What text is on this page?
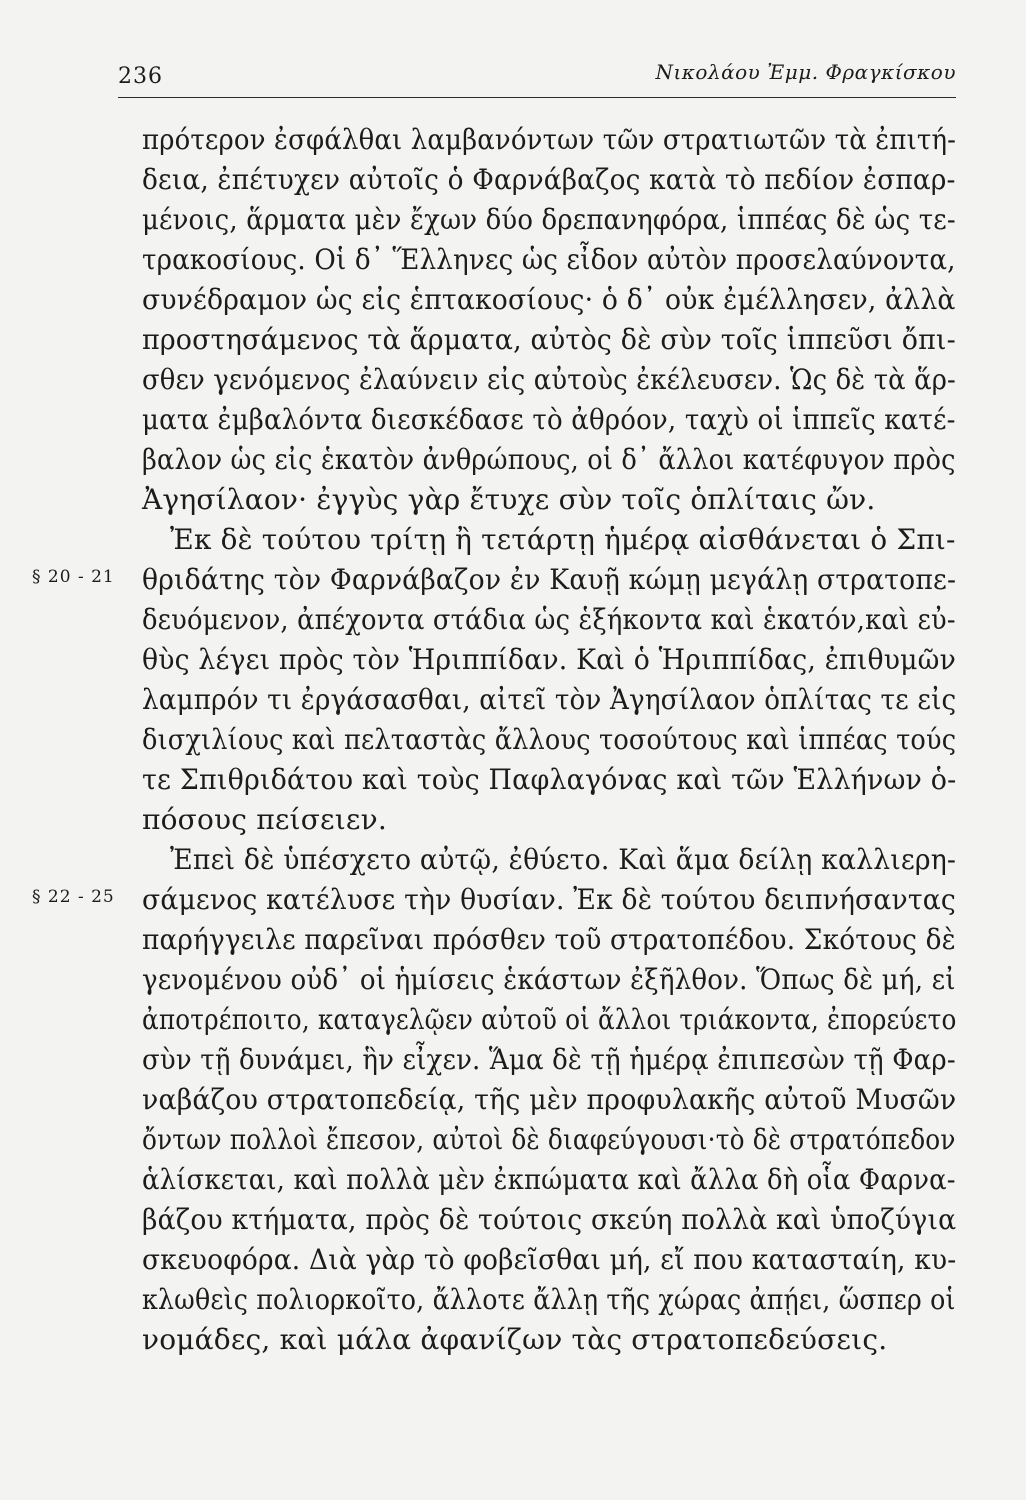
236	Νικολάου Ἐμμ. Φραγκίσκου
§ 20 - 21
§ 22 - 25
πρότερον ἐσφάλθαι λαμβανόντων τῶν στρατιωτῶν τὰ ἐπιτή-
δεια, ἐπέτυχεν αὐτοῖς ὁ Φαρνάβαζος κατὰ τὸ πεδίον ἐσπαρ-
μένοις, ἅρματα μὲν ἔχων δύο δρεπανηφόρα, ἱππέας δὲ ὡς τε-
τρακοσίους. Οἱ δ᾽ Ἕλληνες ὡς εἶδον αὐτὸν προσελαύνοντα,
συνέδραμον ὡς εἰς ἑπτακοσίους· ὁ δ᾽ οὐκ ἐμέλλησεν, ἀλλὰ
προστησάμενος τὰ ἅρματα, αὐτὸς δὲ σὺν τοῖς ἱππεῦσι ὄπι-
σθεν γενόμενος ἐλαύνειν εἰς αὐτοὺς ἐκέλευσεν. Ὡς δὲ τὰ ἅρ-
ματα ἐμβαλόντα διεσκέδασε τὸ ἀθρόον, ταχὺ οἱ ἱππεῖς κατέ-
βαλον ὡς εἰς ἑκατὸν ἀνθρώπους, οἱ δ᾽ ἄλλοι κατέφυγον πρὸς
Ἀγησίλαον· ἐγγὺς γὰρ ἔτυχε σὺν τοῖς ὁπλίταις ὤν.
Ἐκ δὲ τούτου τρίτῃ ἢ τετάρτῃ ἡμέρᾳ αἰσθάνεται ὁ Σπι-
θριδάτης τὸν Φαρνάβαζον ἐν Καυῇ κώμῃ μεγάλῃ στρατοπε-
δευόμενον, ἀπέχοντα στάδια ὡς ἑξήκοντα καὶ ἑκατόν,καὶ εὐ-
θὺς λέγει πρὸς τὸν Ἡριππίδαν. Καὶ ὁ Ἡριππίδας, ἐπιθυμῶν
λαμπρόν τι ἐργάσασθαι, αἰτεῖ τὸν Ἀγησίλαον ὁπλίτας τε εἰς
δισχιλίους καὶ πελταστὰς ἄλλους τοσούτους καὶ ἱππέας τούς
τε Σπιθριδάτου καὶ τοὺς Παφλαγόνας καὶ τῶν Ἑλλήνων ὁ-
πόσους πείσειεν.
Ἐπεὶ δὲ ὑπέσχετο αὐτῷ, ἐθύετο. Καὶ ἅμα δείλῃ καλλιερη-
σάμενος κατέλυσε τὴν θυσίαν. Ἐκ δὲ τούτου δειπνήσαντας
παρήγγειλε παρεῖναι πρόσθεν τοῦ στρατοπέδου. Σκότους δὲ
γενομένου οὐδ᾽ οἱ ἡμίσεις ἑκάστων ἐξῆλθον. Ὅπως δὲ μή, εἰ
ἀποτρέποιτο, καταγελῷεν αὐτοῦ οἱ ἄλλοι τριάκοντα, ἐπορεύετο
σὺν τῇ δυνάμει, ἣν εἶχεν. Ἅμα δὲ τῇ ἡμέρᾳ ἐπιπεσὼν τῇ Φαρ-
ναβάζου στρατοπεδείᾳ, τῆς μὲν προφυλακῆς αὐτοῦ Μυσῶν
ὄντων πολλοὶ ἔπεσον, αὐτοὶ δὲ διαφεύγουσι·τὸ δὲ στρατόπεδον
ἁλίσκεται, καὶ πολλὰ μὲν ἐκπώματα καὶ ἄλλα δὴ οἷα Φαρνα-
βάζου κτήματα, πρὸς δὲ τούτοις σκεύη πολλὰ καὶ ὑποζύγια
σκευοφόρα. Διὰ γὰρ τὸ φοβεῖσθαι μή, εἴ που κατασταίη, κυ-
κλωθεὶς πολιορκοῖτο, ἄλλοτε ἄλλῃ τῆς χώρας ἀπῄει, ὥσπερ οἱ
νομάδες, καὶ μάλα ἀφανίζων τὰς στρατοπεδεύσεις.
